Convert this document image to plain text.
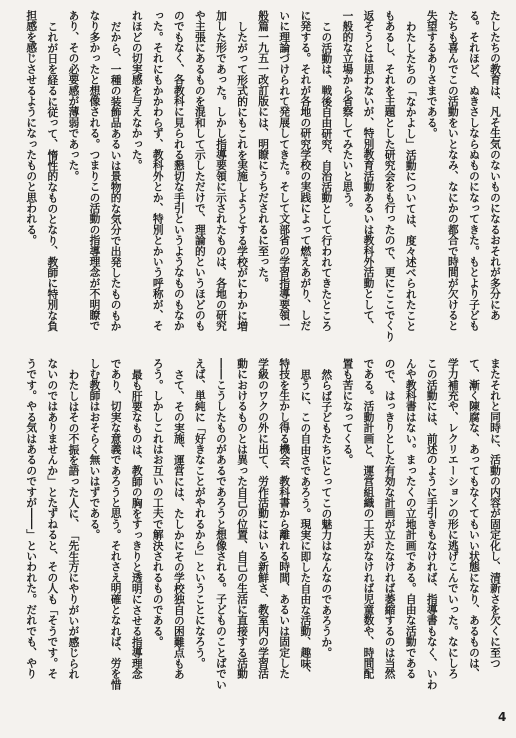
たしたちの教育は、凡そ生気のないものになるおそれが多分にあ
る。それほど、ぬきさしならぬものになってきた。もとより子ども
たちも喜んでこの活動をいとなみ、なにかの都合で時間が欠けると
失望するありさまである。
わたしたちの「なかよし」活動については、度々述べられたこと
もあるし、それを主題とした研究会をも行ったので、更にここでくり
返そうとは思わないが、特別教育活動あるいは教科外活動として、
一般的な立場から省察してみたいと思う。
この活動は、戦後自由研究、自治活動として行われてきたところ
に発する。それが各地の研究学校の実践によって燃えあがり、しだ
いに理論づけられて発展してきた。そして文部省の学習指導要領一
般篇一九五一改訂版には、明瞭にうちだされるに至った。
したがって形式的にもこれを実施しようとする学校がにわかに増
加した形であった。しかし指導要領に示されたものは、各地の研究
や主張にあるものを混和して示しただけで、理論的というほどのも
のでもなく、各教科に見られる懇切な手引というようなものもなか
った。それにもかかわらず、教科外とか、特別とかいう呼称が、そ
れほどの切実感を与えなかった。
だから、一種の装飾品あるいは景物的な気分で出発したものもか
なり多かったと想像される。つまりこの活動の指導理念が不明瞭で
あり、その必要感が薄弱であった。
これが日を経るに従って、惰性的なものとなり、教師に特別な負
担感を感じさせるようになったものと思われる。
またそれと同時に、活動の内容が固定化し、清新さを欠くに至つ
て、漸く陳腐な、あってもなくてもいい状態になり、あるものは、
学力補充や、レクリエーションの形に逃げこんでいった。なにしろ
この活動には、前述のように手引きもなければ、指導書もなく、いわ
んや教科書はない。まったくの立地計画である。自由な活動である
ので、はっきりとした有効な計画が立たなければ萎縮するのは当然
である。活動計画と、運営組織の工夫がなければ児童数や、時間配
置も苦になってくる。
然らば子どもたちにとってこの魅力はなんなのであろうか。
思うに、この自由さであろう。現実に即した自由な活動、趣味、
特技を生かし得る機会、教科書から離れる時間、あるいは固定した
学級のワクの外に出て、労作活動にはいる新鮮さ、教室内の学習活
動におけるものとは異った自己の位置、自己の生活に直接する活動
――こうしたものがあるであろうと想像される。子どものことばでい
えば、単純に「好きなことがやれるから」ということになろう。
さて、その実施、運営には、たしかにその学校独自の困難点もあ
ろう。しかしこれはお互いの工夫で解決されるものである。
最も肝要なものは、教師の胸をすっきりと透明にさせる指導理念
であり、切実な意義であろうと思う。それさえ明確となれば、労を惜
しむ教師はおそらく無いはずである。
わたしはその不振を語った人に、「先生方にやりがいが感じられ
ないのではありませんか」とたずねると、その人も「そうです。そ
うです。やる気はあるのですが――」といわれた。だれでも、やり
4
